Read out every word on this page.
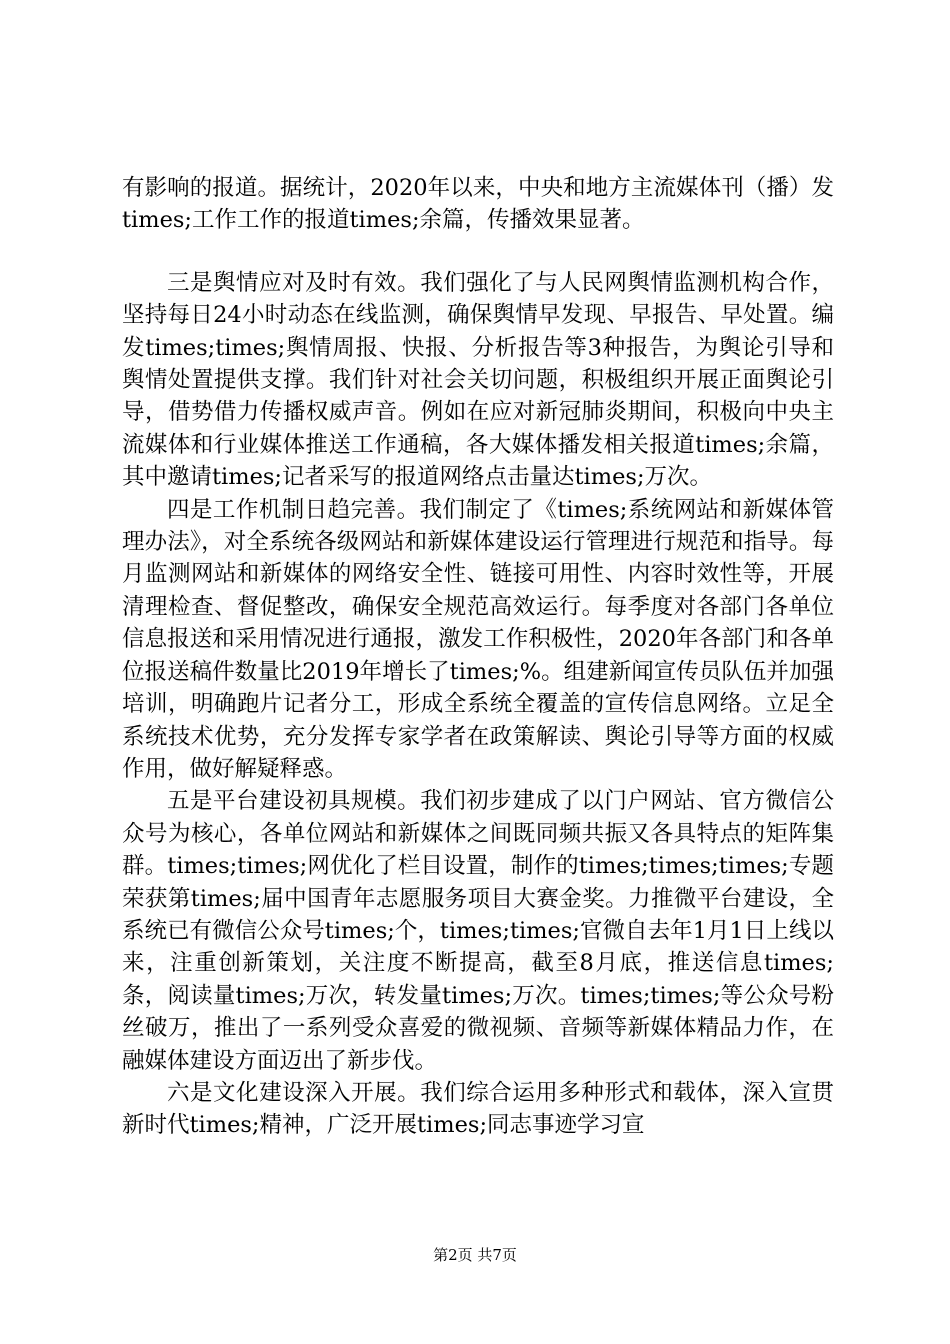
有影响的报道。据统计，2020年以来，中央和地方主流媒体刊（播）发times;工作工作的报道times;余篇，传播效果显著。

三是舆情应对及时有效。我们强化了与人民网舆情监测机构合作，坚持每日24小时动态在线监测，确保舆情早发现、早报告、早处置。编发times;times;舆情周报、快报、分析报告等3种报告，为舆论引导和舆情处置提供支撑。我们针对社会关切问题，积极组织开展正面舆论引导，借势借力传播权威声音。例如在应对新冠肺炎期间，积极向中央主流媒体和行业媒体推送工作通稿，各大媒体播发相关报道times;余篇，其中邀请times;记者采写的报道网络点击量达times;万次。

四是工作机制日趋完善。我们制定了《times;系统网站和新媒体管理办法》，对全系统各级网站和新媒体建设运行管理进行规范和指导。每月监测网站和新媒体的网络安全性、链接可用性、内容时效性等，开展清理检查、督促整改，确保安全规范高效运行。每季度对各部门各单位信息报送和采用情况进行通报，激发工作积极性，2020年各部门和各单位报送稿件数量比2019年增长了times;%。组建新闻宣传员队伍并加强培训，明确跑片记者分工，形成全系统全覆盖的宣传信息网络。立足全系统技术优势，充分发挥专家学者在政策解读、舆论引导等方面的权威作用，做好解疑释惑。

五是平台建设初具规模。我们初步建成了以门户网站、官方微信公众号为核心，各单位网站和新媒体之间既同频共振又各具特点的矩阵集群。times;times;网优化了栏目设置，制作的times;times;times;专题荣获第times;届中国青年志愿服务项目大赛金奖。力推微平台建设，全系统已有微信公众号times;个，times;times;官微自去年1月1日上线以来，注重创新策划，关注度不断提高，截至8月底，推送信息times;条，阅读量times;万次，转发量times;万次。times;times;等公众号粉丝破万，推出了一系列受众喜爱的微视频、音频等新媒体精品力作，在融媒体建设方面迈出了新步伐。

六是文化建设深入开展。我们综合运用多种形式和载体，深入宣贯新时代times;精神，广泛开展times;同志事迹学习宣

第2页 共7页
